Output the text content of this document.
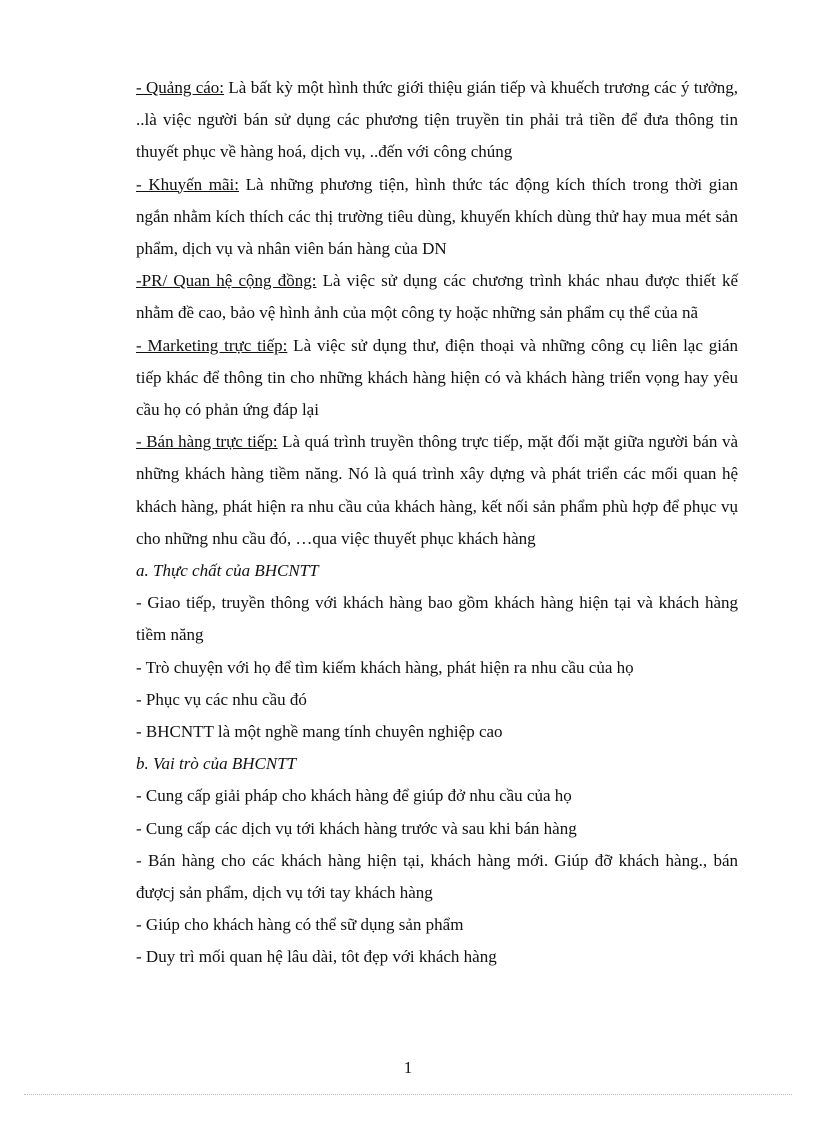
- Quảng cáo: Là bất kỳ một hình thức giới thiệu gián tiếp và khuếch trương các ý tưởng, ..là việc người bán sử dụng các phương tiện truyền tin phải trả tiền để đưa thông tin thuyết phục về hàng hoá, dịch vụ, ..đến với công chúng

- Khuyến mãi: Là những phương tiện, hình thức tác động kích thích trong thời gian ngắn nhằm kích thích các thị trường tiêu dùng, khuyến khích dùng thử hay mua mét sản phẩm, dịch vụ và nhân viên bán hàng của DN

-PR/ Quan hệ cộng đồng: Là việc sử dụng các chương trình khác nhau được thiết kế nhằm đề cao, bảo vệ hình ảnh của một công ty hoặc những sản phẩm cụ thể của nã

- Marketing trực tiếp: Là việc sử dụng thư, điện thoại và những công cụ liên lạc gián tiếp khác để thông tin cho những khách hàng hiện có và khách hàng triển vọng hay yêu cầu họ có phản ứng đáp lại

- Bán hàng trực tiếp: Là quá trình truyền thông trực tiếp, mặt đối mặt giữa người bán và những khách hàng tiềm năng. Nó là quá trình xây dựng và phát triển các mối quan hệ khách hàng, phát hiện ra nhu cầu của khách hàng, kết nối sản phẩm phù hợp để phục vụ cho những nhu cầu đó, …qua việc thuyết phục khách hàng

a. Thực chất của BHCNTT

- Giao tiếp, truyền thông với khách hàng bao gồm khách hàng hiện tại và khách hàng tiềm năng

- Trò chuyện với họ để tìm kiếm khách hàng, phát hiện ra nhu cầu của họ

- Phục vụ các nhu cầu đó

- BHCNTT là một nghề mang tính chuyên nghiệp cao

b. Vai trò của BHCNTT

- Cung cấp giải pháp cho khách hàng để giúp đở nhu cầu của họ

- Cung cấp các dịch vụ tới khách hàng trước và sau khi bán hàng

- Bán hàng cho các khách hàng hiện tại, khách hàng mới. Giúp đỡ khách hàng., bán đượcj sản phẩm, dịch vụ tới tay khách hàng

- Giúp cho khách hàng có thể sữ dụng sản phẩm

- Duy trì mối quan hệ lâu dài, tôt đẹp với khách hàng

1
